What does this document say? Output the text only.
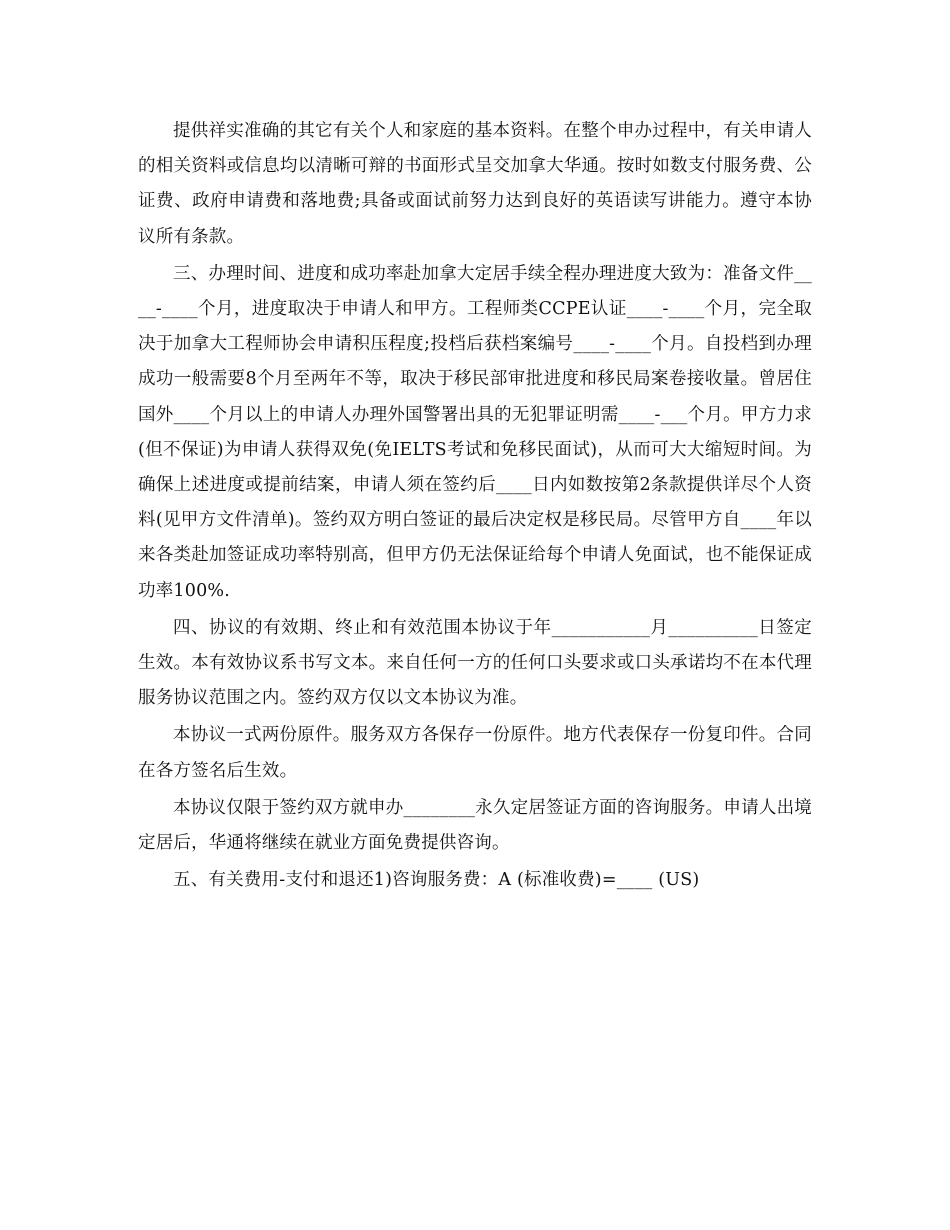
提供祥实准确的其它有关个人和家庭的基本资料。在整个申办过程中，有关申请人的相关资料或信息均以清晰可辩的书面形式呈交加拿大华通。按时如数支付服务费、公证费、政府申请费和落地费;具备或面试前努力达到良好的英语读写讲能力。遵守本协议所有条款。

三、办理时间、进度和成功率赴加拿大定居手续全程办理进度大致为：准备文件____-____个月，进度取决于申请人和甲方。工程师类CCPE认证____-____个月，完全取决于加拿大工程师协会申请积压程度;投档后获档案编号____-____个月。自投档到办理成功一般需要8个月至两年不等，取决于移民部审批进度和移民局案卷接收量。曾居住国外____个月以上的申请人办理外国警署出具的无犯罪证明需____-___个月。甲方力求(但不保证)为申请人获得双免(免IELTS考试和免移民面试)，从而可大大缩短时间。为确保上述进度或提前结案，申请人须在签约后____日内如数按第2条款提供详尽个人资料(见甲方文件清单)。签约双方明白签证的最后决定权是移民局。尽管甲方自____年以来各类赴加签证成功率特别高，但甲方仍无法保证给每个申请人免面试，也不能保证成功率100%.

四、协议的有效期、终止和有效范围本协议于年___________月__________日签定生效。本有效协议系书写文本。来自任何一方的任何口头要求或口头承诺均不在本代理服务协议范围之内。签约双方仅以文本协议为准。

本协议一式两份原件。服务双方各保存一份原件。地方代表保存一份复印件。合同在各方签名后生效。

本协议仅限于签约双方就申办________永久定居签证方面的咨询服务。申请人出境定居后，华通将继续在就业方面免费提供咨询。

五、有关费用-支付和退还1)咨询服务费：A (标准收费)=____ (US)
